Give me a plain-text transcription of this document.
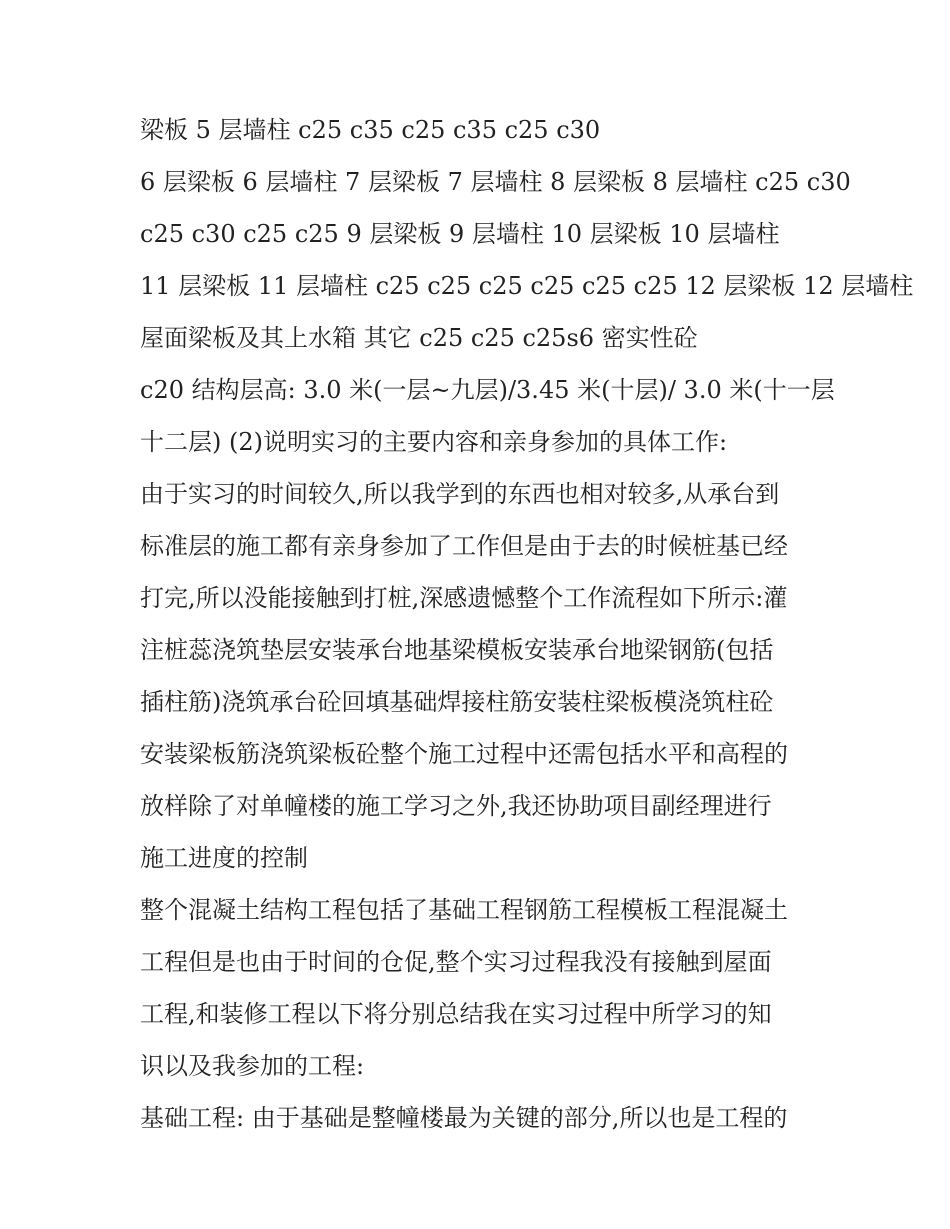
梁板 5 层墙柱 c25 c35 c25 c35 c25 c30
6 层梁板 6 层墙柱 7 层梁板 7 层墙柱 8 层梁板 8 层墙柱 c25 c30
c25 c30 c25 c25 9 层梁板 9 层墙柱 10 层梁板 10 层墙柱
11 层梁板 11 层墙柱 c25 c25 c25 c25 c25 c25 12 层梁板 12 层墙柱
屋面梁板及其上水箱 其它 c25 c25 c25s6 密实性砼
c20 结构层高: 3.0 米(一层~九层)/3.45 米(十层)/ 3.0 米(十一层
十二层) (2)说明实习的主要内容和亲身参加的具体工作:
由于实习的时间较久,所以我学到的东西也相对较多,从承台到
标准层的施工都有亲身参加了工作但是由于去的时候桩基已经
打完,所以没能接触到打桩,深感遗憾整个工作流程如下所示:灌
注桩蕊浇筑垫层安装承台地基梁模板安装承台地梁钢筋(包括
插柱筋)浇筑承台砼回填基础焊接柱筋安装柱梁板模浇筑柱砼
安装梁板筋浇筑梁板砼整个施工过程中还需包括水平和高程的
放样除了对单幢楼的施工学习之外,我还协助项目副经理进行
施工进度的控制
整个混凝土结构工程包括了基础工程钢筋工程模板工程混凝土
工程但是也由于时间的仓促,整个实习过程我没有接触到屋面
工程,和装修工程以下将分别总结我在实习过程中所学习的知
识以及我参加的工程:
基础工程: 由于基础是整幢楼最为关键的部分,所以也是工程的
